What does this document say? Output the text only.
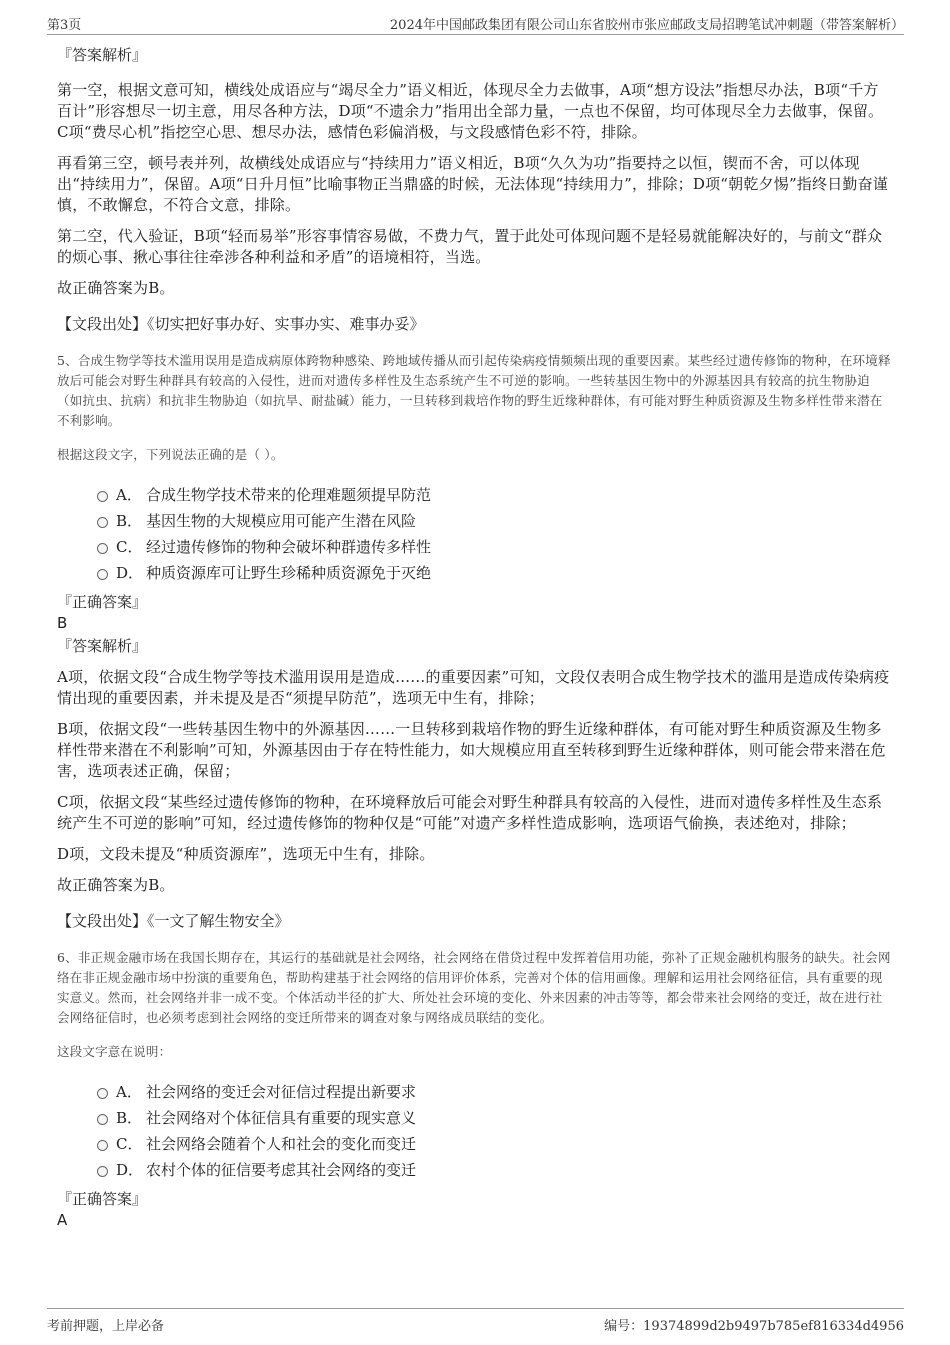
第3页	2024年中国邮政集团有限公司山东省胶州市张应邮政支局招聘笔试冲刺题（带答案解析）

『答案解析』

第一空，根据文意可知，横线处成语应与“竭尽全力”语义相近，体现尽全力去做事，A项“想方设法”指想尽办法，B项“千方百计”形容想尽一切主意，用尽各种方法，D项“不遗余力”指用出全部力量，一点也不保留，均可体现尽全力去做事，保留。C项“费尽心机”指挖空心思、想尽办法，感情色彩偏消极，与文段感情色彩不符，排除。

再看第三空，顿号表并列，故横线处成语应与“持续用力”语义相近，B项“久久为功”指要持之以恒，锲而不舍，可以体现出“持续用力”，保留。A项“日升月恒”比喻事物正当鼎盛的时候，无法体现“持续用力”，排除；D项“朝乾夕惕”指终日勤奋谨慎，不敢懈怠，不符合文意，排除。

第二空，代入验证，B项“轻而易举”形容事情容易做，不费力气，置于此处可体现问题不是轻易就能解决好的，与前文“群众的烦心事、揪心事往往牵涉各种利益和矛盾”的语境相符，当选。

故正确答案为B。

【文段出处】《切实把好事办好、实事办实、难事办妥》

5、合成生物学等技术滥用误用是造成病原体跨物种感染、跨地域传播从而引起传染病疫情频频出现的重要因素。某些经过遗传修饰的物种，在环境释放后可能会对野生种群具有较高的入侵性，进而对遗传多样性及生态系统产生不可逆的影响。一些转基因生物中的外源基因具有较高的抗生物胁迫（如抗虫、抗病）和抗非生物胁迫（如抗旱、耐盐碱）能力，一旦转移到栽培作物的野生近缘种群体，有可能对野生种质资源及生物多样性带来潜在不利影响。

根据这段文字，下列说法正确的是（ ）。

A． 合成生物学技术带来的伦理难题须提早防范
B． 基因生物的大规模应用可能产生潜在风险
C． 经过遗传修饰的物种会破坏种群遗传多样性
D． 种质资源库可让野生珍稀种质资源免于灭绝

『正确答案』

B

『答案解析』

A项，依据文段“合成生物学等技术滥用误用是造成……的重要因素”可知，文段仅表明合成生物学技术的滥用是造成传染病疫情出现的重要因素，并未提及是否“须提早防范”，选项无中生有，排除；

B项，依据文段“一些转基因生物中的外源基因……一旦转移到栽培作物的野生近缘种群体，有可能对野生种质资源及生物多样性带来潜在不利影响”可知，外源基因由于存在特性能力，如大规模应用直至转移到野生近缘种群体，则可能会带来潜在危害，选项表述正确，保留；

C项，依据文段“某些经过遗传修饰的物种，在环境释放后可能会对野生种群具有较高的入侵性，进而对遗传多样性及生态系统产生不可逆的影响”可知，经过遗传修饰的物种仅是“可能”对遗产多样性造成影响，选项语气偷换，表述绝对，排除；

D项，文段未提及“种质资源库”，选项无中生有，排除。

故正确答案为B。

【文段出处】《一文了解生物安全》

6、非正规金融市场在我国长期存在，其运行的基础就是社会网络，社会网络在借贷过程中发挥着信用功能，弥补了正规金融机构服务的缺失。社会网络在非正规金融市场中扮演的重要角色，帮助构建基于社会网络的信用评价体系，完善对个体的信用画像。理解和运用社会网络征信，具有重要的现实意义。然而，社会网络并非一成不变。个体活动半径的扩大、所处社会环境的变化、外来因素的冲击等等，都会带来社会网络的变迁，故在进行社会网络征信时，也必须考虑到社会网络的变迁所带来的调查对象与网络成员联结的变化。

这段文字意在说明：

A． 社会网络的变迁会对征信过程提出新要求
B． 社会网络对个体征信具有重要的现实意义
C． 社会网络会随着个人和社会的变化而变迁
D． 农村个体的征信要考虑其社会网络的变迁

『正确答案』

A

考前押题，上岸必备	编号：19374899d2b9497b785ef816334d4956
